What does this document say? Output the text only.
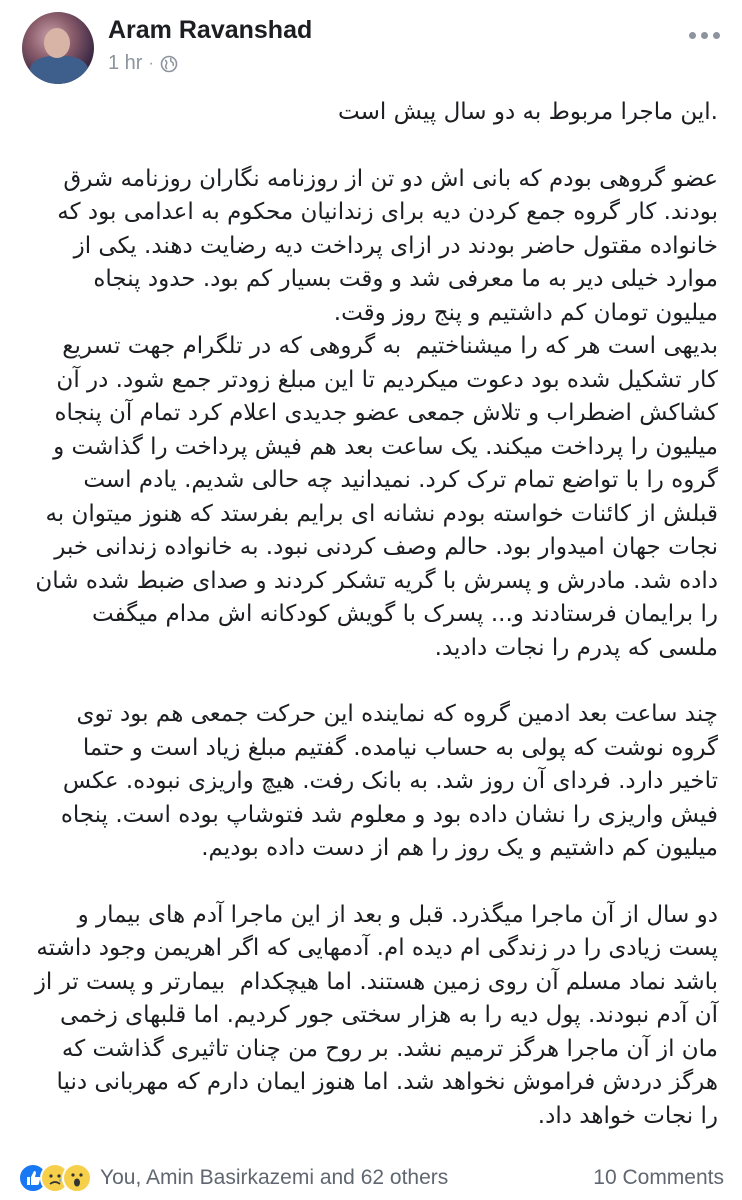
Aram Ravanshad
1 hr ·

.این ماجرا مربوط به دو سال پیش است

عضو گروهی بودم که بانی اش دو تن از روزنامه نگاران روزنامه شرق بودند. کار گروه جمع کردن دیه برای زندانیان محکوم به اعدامی بود که خانواده مقتول حاضر بودند در ازای پرداخت دیه رضایت دهند. یکی از موارد خیلی دیر به ما معرفی شد و وقت بسیار کم بود. حدود پنجاه میلیون تومان کم داشتیم و پنج روز وقت.

بدیهی است هر که را میشناختیم  به گروهی که در تلگرام جهت تسریع کار تشکیل شده بود دعوت میکردیم تا این مبلغ زودتر جمع شود. در آن کشاکش اضطراب و تلاش جمعی عضو جدیدی اعلام کرد تمام آن پنجاه میلیون را پرداخت میکند. یک ساعت بعد هم فیش پرداخت را گذاشت و گروه را با تواضع تمام ترک کرد. نمیدانید چه حالی شدیم. یادم است قبلش از کائنات خواسته بودم نشانه ای برایم بفرستد که هنوز میتوان به نجات جهان امیدوار بود. حالم وصف کردنی نبود. به خانواده زندانی خبر داده شد. مادرش و پسرش با گریه تشکر کردند و صدای ضبط شده شان را برایمان فرستادند و... پسرک با گویش کودکانه اش مدام میگفت ملسی که پدرم را نجات دادید.

چند ساعت بعد ادمین گروه که نماینده این حرکت جمعی هم بود توی گروه نوشت که پولی به حساب نیامده. گفتیم مبلغ زیاد است و حتما تاخیر دارد. فردای آن روز شد. به بانک رفت. هیچ واریزی نبوده. عکس فیش واریزی را نشان داده بود و معلوم شد فتوشاپ بوده است. پنجاه میلیون کم داشتیم و یک روز را هم از دست داده بودیم.

دو سال از آن ماجرا میگذرد. قبل و بعد از این ماجرا آدم های بیمار و پست زیادی را در زندگی ام دیده ام. آدمهایی که اگر اهریمن وجود داشته باشد نماد مسلم آن روی زمین هستند. اما هیچکدام  بیمارتر و پست تر از آن آدم نبودند. پول دیه را به هزار سختی جور کردیم. اما قلبهای زخمی مان از آن ماجرا هرگز ترمیم نشد. بر روح من چنان تاثیری گذاشت که هرگز دردش فراموش نخواهد شد. اما هنوز ایمان دارم که مهربانی دنیا را نجات خواهد داد.

You, Amin Basirkazemi and 62 others	10 Comments
